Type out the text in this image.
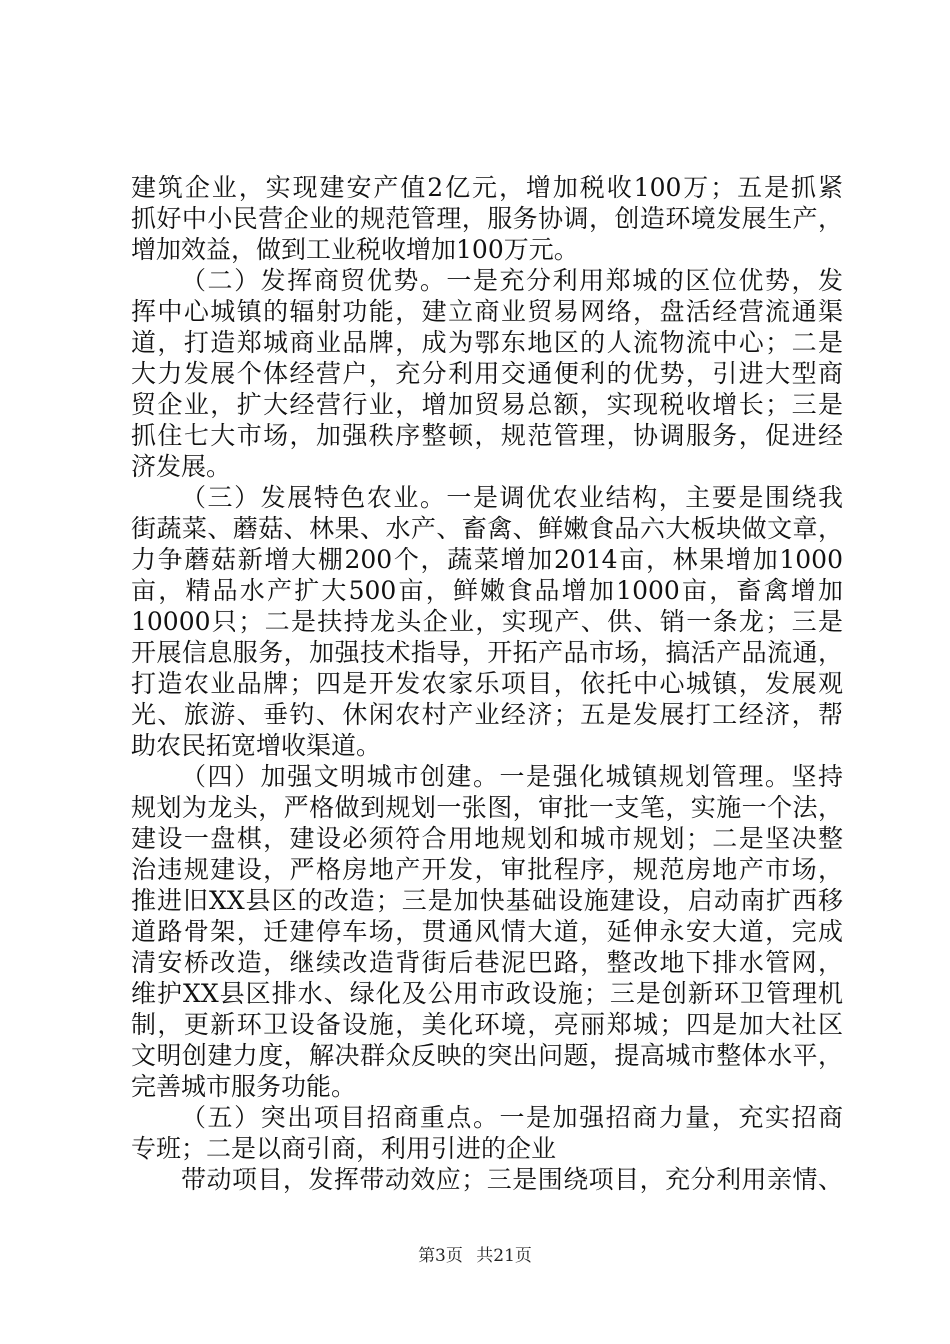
建筑企业，实现建安产值2亿元，增加税收100万；五是抓紧
抓好中小民营企业的规范管理，服务协调，创造环境发展生产，
增加效益，做到工业税收增加100万元。
（二）发挥商贸优势。一是充分利用郑城的区位优势，发
挥中心城镇的辐射功能，建立商业贸易网络，盘活经营流通渠
道，打造郑城商业品牌，成为鄂东地区的人流物流中心；二是
大力发展个体经营户，充分利用交通便利的优势，引进大型商
贸企业，扩大经营行业，增加贸易总额，实现税收增长；三是
抓住七大市场，加强秩序整顿，规范管理，协调服务，促进经
济发展。
（三）发展特色农业。一是调优农业结构，主要是围绕我
街蔬菜、蘑菇、林果、水产、畜禽、鲜嫩食品六大板块做文章，
力争蘑菇新增大棚200个，蔬菜增加2014亩，林果增加1000
亩，精品水产扩大500亩，鲜嫩食品增加1000亩，畜禽增加
10000只；二是扶持龙头企业，实现产、供、销一条龙；三是
开展信息服务，加强技术指导，开拓产品市场，搞活产品流通，
打造农业品牌；四是开发农家乐项目，依托中心城镇，发展观
光、旅游、垂钓、休闲农村产业经济；五是发展打工经济，帮
助农民拓宽增收渠道。
（四）加强文明城市创建。一是强化城镇规划管理。坚持
规划为龙头，严格做到规划一张图，审批一支笔，实施一个法，
建设一盘棋，建设必须符合用地规划和城市规划；二是坚决整
治违规建设，严格房地产开发，审批程序，规范房地产市场，
推进旧XX县区的改造；三是加快基础设施建设，启动南扩西移
道路骨架，迁建停车场，贯通风情大道，延伸永安大道，完成
清安桥改造，继续改造背街后巷泥巴路，整改地下排水管网，
维护XX县区排水、绿化及公用市政设施；三是创新环卫管理机
制，更新环卫设备设施，美化环境，亮丽郑城；四是加大社区
文明创建力度，解决群众反映的突出问题，提高城市整体水平，
完善城市服务功能。
（五）突出项目招商重点。一是加强招商力量，充实招商
专班；二是以商引商，利用引进的企业
带动项目，发挥带动效应；三是围绕项目，充分利用亲情、
第3页 共21页
